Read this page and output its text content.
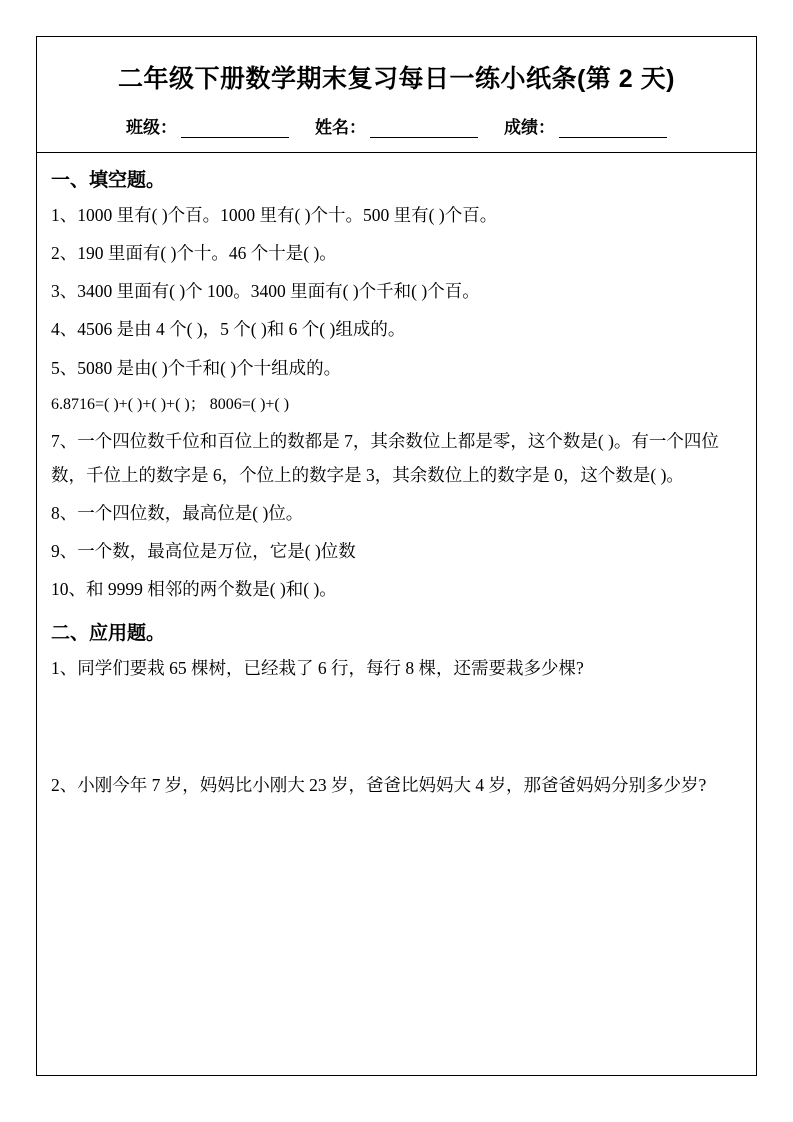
二年级下册数学期末复习每日一练小纸条(第 2 天)
班级：	姓名：	成绩：
一、填空题。

1、1000 里有( )个百。1000 里有( )个十。500 里有( )个百。

2、190 里面有( )个十。46 个十是( )。

3、3400 里面有( )个 100。3400 里面有( )个千和( )个百。

4、4506 是由 4 个( )，5 个( )和 6 个( )组成的。

5、5080 是由( )个千和( )个十组成的。

6.8716=( )+( )+( )+( )； 8006=( )+( )

7、一个四位数千位和百位上的数都是 7，其余数位上都是零，这个数是( )。有一个四位数，千位上的数字是 6，个位上的数字是 3，其余数位上的数字是 0，这个数是( )。

8、一个四位数，最高位是( )位。

9、一个数，最高位是万位，它是( )位数

10、和 9999 相邻的两个数是( )和( )。

二、应用题。

1、同学们要栽 65 棵树，已经栽了 6 行，每行 8 棵，还需要栽多少棵?

2、小刚今年 7 岁，妈妈比小刚大 23 岁，爸爸比妈妈大 4 岁，那爸爸妈妈分别多少岁?
